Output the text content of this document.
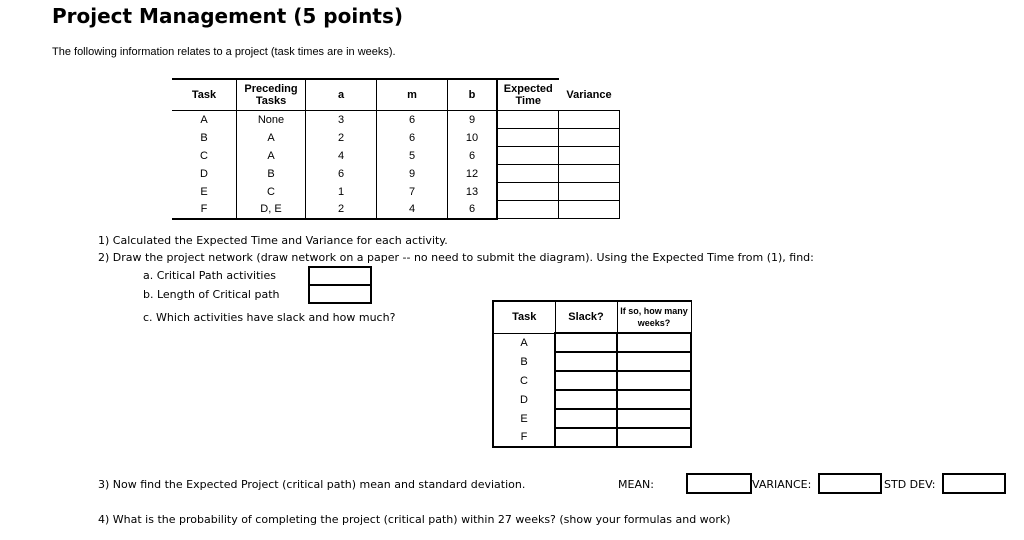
Project Management (5 points)
The following information relates to a project (task times are in weeks).
Task	Preceding Tasks	a	m	b	Expected Time	Variance
A	None	3	6	9		
B	A	2	6	10		
C	A	4	5	6		
D	B	6	9	12		
E	C	1	7	13		
F	D, E	2	4	6		
1) Calculated the Expected Time and Variance for each activity.
2) Draw the project network (draw network on a paper -- no need to submit the diagram). Using the Expected Time from (1), find:
a. Critical Path activities
b. Length of Critical path
c. Which activities have slack and how much?	Task	Slack?	If so, how many weeks?
A		
B		
C		
D		
E		
F		
3) Now find the Expected Project (critical path) mean and standard deviation.	MEAN:	VARIANCE:	STD DEV:
4) What is the probability of completing the project (critical path) within 27 weeks? (show your formulas and work)
